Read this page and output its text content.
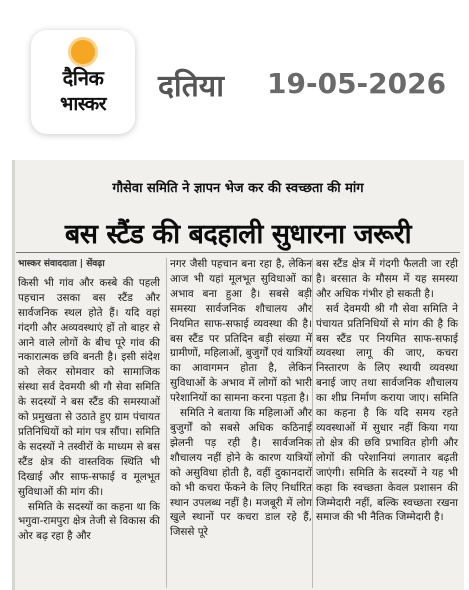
दैनिक
भास्कर	दतिया 19-05-2026
गौसेवा समिति ने ज्ञापन भेज कर की स्वच्छता की मांग
बस स्टैंड की बदहाली सुधारना जरूरी

भास्कर संवाददाता | सेंवढ़ा

किसी भी गांव और कस्बे की पहली पहचान उसका बस स्टैंड और सार्वजनिक स्थल होते हैं। यदि वहां गंदगी और अव्यवस्थाएं हों तो बाहर से आने वाले लोगों के बीच पूरे गांव की नकारात्मक छवि बनती है। इसी संदेश को लेकर सोमवार को सामाजिक संस्था सर्व देवमयी श्री गौ सेवा समिति के सदस्यों ने बस स्टैंड की समस्याओं को प्रमुखता से उठाते हुए ग्राम पंचायत प्रतिनिधियों को मांग पत्र सौंपा। समिति के सदस्यों ने तस्वीरों के माध्यम से बस स्टैंड क्षेत्र की वास्तविक स्थिति भी दिखाई और साफ-सफाई व मूलभूत सुविधाओं की मांग की।

समिति के सदस्यों का कहना था कि भगुवा-रामपुरा क्षेत्र तेजी से विकास की ओर बढ़ रहा है और

नगर जैसी पहचान बना रहा है, लेकिन आज भी यहां मूलभूत सुविधाओं का अभाव बना हुआ है। सबसे बड़ी समस्या सार्वजनिक शौचालय और नियमित साफ-सफाई व्यवस्था की है। बस स्टैंड पर प्रतिदिन बड़ी संख्या में ग्रामीणों, महिलाओं, बुजुर्गों एवं यात्रियों का आवागमन होता है, लेकिन सुविधाओं के अभाव में लोगों को भारी परेशानियों का सामना करना पड़ता है।

समिति ने बताया कि महिलाओं और बुजुर्गों को सबसे अधिक कठिनाई झेलनी पड़ रही है। सार्वजनिक शौचालय नहीं होने के कारण यात्रियों को असुविधा होती है, वहीं दुकानदारों को भी कचरा फेंकने के लिए निर्धारित स्थान उपलब्ध नहीं है। मजबूरी में लोग खुले स्थानों पर कचरा डाल रहे हैं, जिससे पूरे

बस स्टैंड क्षेत्र में गंदगी फैलती जा रही है। बरसात के मौसम में यह समस्या और अधिक गंभीर हो सकती है।

सर्व देवमयी श्री गौ सेवा समिति ने पंचायत प्रतिनिधियों से मांग की है कि बस स्टैंड पर नियमित साफ-सफाई व्यवस्था लागू की जाए, कचरा निस्तारण के लिए स्थायी व्यवस्था बनाई जाए तथा सार्वजनिक शौचालय का शीघ्र निर्माण कराया जाए। समिति का कहना है कि यदि समय रहते व्यवस्थाओं में सुधार नहीं किया गया तो क्षेत्र की छवि प्रभावित होगी और लोगों की परेशानियां लगातार बढ़ती जाएंगी। समिति के सदस्यों ने यह भी कहा कि स्वच्छता केवल प्रशासन की जिम्मेदारी नहीं, बल्कि स्वच्छता रखना समाज की भी नैतिक जिम्मेदारी है।
